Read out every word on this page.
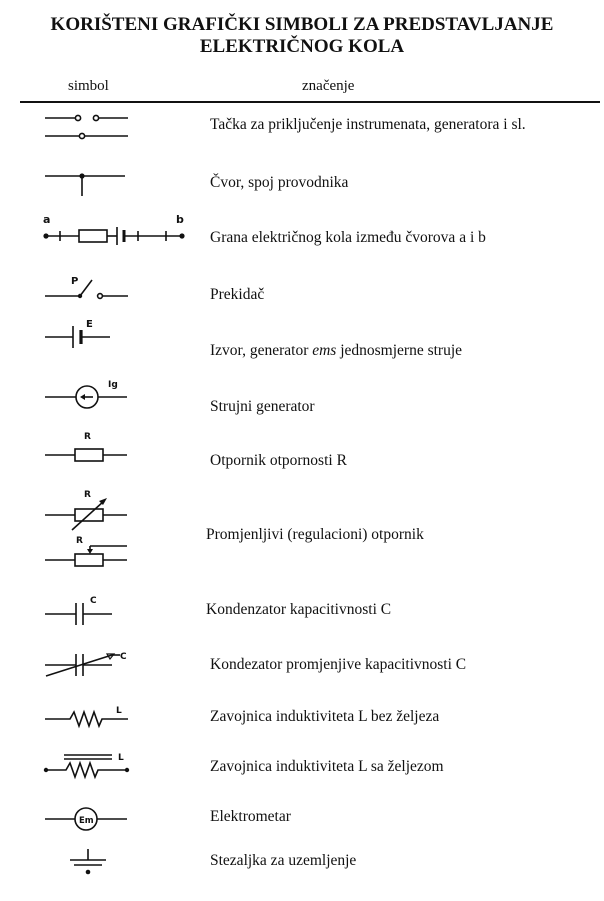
KORIŠTENI GRAFIČKI SIMBOLI ZA PREDSTAVLJANJE
ELEKTRIČNOG KOLA
simbol	značenje
Tačka za priključenje instrumenata, generatora i sl.
Čvor, spoj provodnika
a	b
Grana električnog kola između čvorova a i b
P
Prekidač
E
Izvor, generator ems jednosmjerne struje
Ig
Strujni generator
R
Otpornik otpornosti R
R
R	Promjenljivi (regulacioni) otpornik
C	Kondenzator kapacitivnosti C
C	Kondezator promjenjive kapacitivnosti C
L	Zavojnica induktiviteta L bez željeza
L	Zavojnica induktiviteta L sa željezom
Em	Elektrometar
Stezaljka za uzemljenje
